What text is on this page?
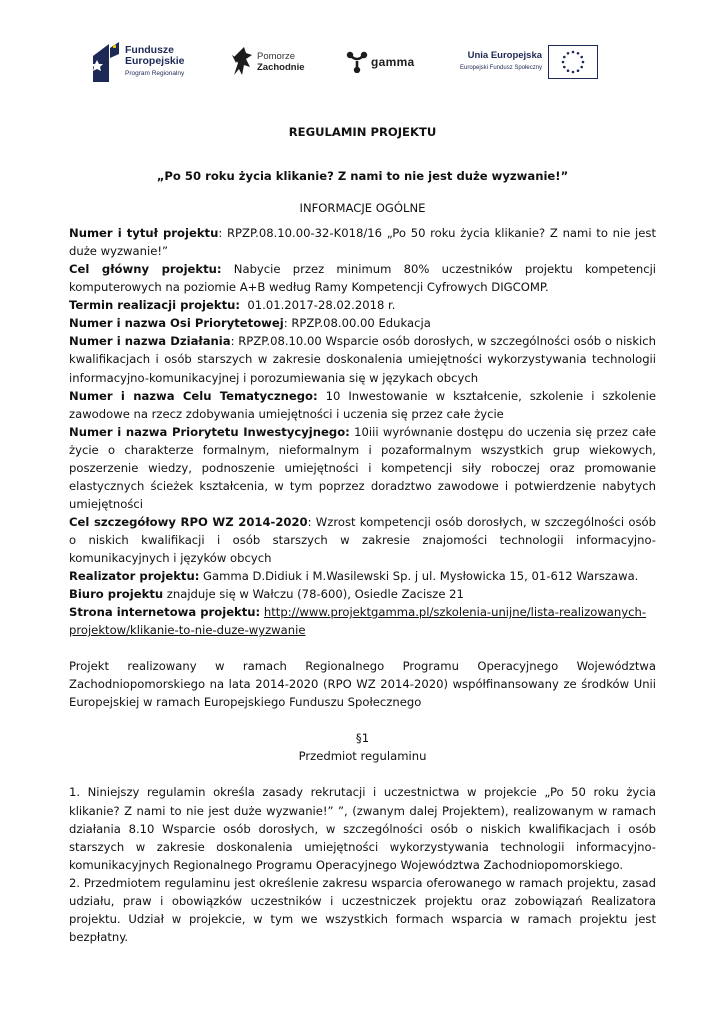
Fundusze
Europejskie
Program Regionalny
Pomorze
Zachodnie	gamma	Unia Europejska
Europejski Fundusz Społeczny
REGULAMIN PROJEKTU
„Po 50 roku życia klikanie? Z nami to nie jest duże wyzwanie!”
INFORMACJE OGÓLNE

Numer i tytuł projektu: RPZP.08.10.00-32-K018/16 „Po 50 roku życia klikanie? Z nami to nie jest duże wyzwanie!”

Cel główny projektu: Nabycie przez minimum 80% uczestników projektu kompetencji komputerowych na poziomie A+B według Ramy Kompetencji Cyfrowych DIGCOMP.

Termin realizacji projektu: 01.01.2017-28.02.2018 r.

Numer i nazwa Osi Priorytetowej: RPZP.08.00.00 Edukacja

Numer i nazwa Działania: RPZP.08.10.00 Wsparcie osób dorosłych, w szczególności osób o niskich kwalifikacjach i osób starszych w zakresie doskonalenia umiejętności wykorzystywania technologii informacyjno-komunikacyjnej i porozumiewania się w językach obcych

Numer i nazwa Celu Tematycznego: 10 Inwestowanie w kształcenie, szkolenie i szkolenie zawodowe na rzecz zdobywania umiejętności i uczenia się przez całe życie

Numer i nazwa Priorytetu Inwestycyjnego: 10iii wyrównanie dostępu do uczenia się przez całe życie o charakterze formalnym, nieformalnym i pozaformalnym wszystkich grup wiekowych, poszerzenie wiedzy, podnoszenie umiejętności i kompetencji siły roboczej oraz promowanie elastycznych ścieżek kształcenia, w tym poprzez doradztwo zawodowe i potwierdzenie nabytych umiejętności

Cel szczegółowy RPO WZ 2014-2020: Wzrost kompetencji osób dorosłych, w szczególności osób o niskich kwalifikacji i osób starszych w zakresie znajomości technologii informacyjno-komunikacyjnych i języków obcych

Realizator projektu: Gamma D.Didiuk i M.Wasilewski Sp. j ul. Mysłowicka 15, 01-612 Warszawa.

Biuro projektu znajduje się w Wałczu (78-600), Osiedle Zacisze 21

Strona internetowa projektu: http://www.projektgamma.pl/szkolenia-unijne/lista-realizowanych-projektow/klikanie-to-nie-duze-wyzwanie

Projekt realizowany w ramach Regionalnego Programu Operacyjnego Województwa Zachodniopomorskiego na lata 2014-2020 (RPO WZ 2014-2020) współfinansowany ze środków Unii Europejskiej w ramach Europejskiego Funduszu Społecznego

§1
Przedmiot regulaminu

1. Niniejszy regulamin określa zasady rekrutacji i uczestnictwa w projekcie „Po 50 roku życia klikanie? Z nami to nie jest duże wyzwanie!” ”, (zwanym dalej Projektem), realizowanym w ramach działania 8.10 Wsparcie osób dorosłych, w szczególności osób o niskich kwalifikacjach i osób starszych w zakresie doskonalenia umiejętności wykorzystywania technologii informacyjno-komunikacyjnych Regionalnego Programu Operacyjnego Województwa Zachodniopomorskiego.

2. Przedmiotem regulaminu jest określenie zakresu wsparcia oferowanego w ramach projektu, zasad udziału, praw i obowiązków uczestników i uczestniczek projektu oraz zobowiązań Realizatora projektu. Udział w projekcie, w tym we wszystkich formach wsparcia w ramach projektu jest bezpłatny.
